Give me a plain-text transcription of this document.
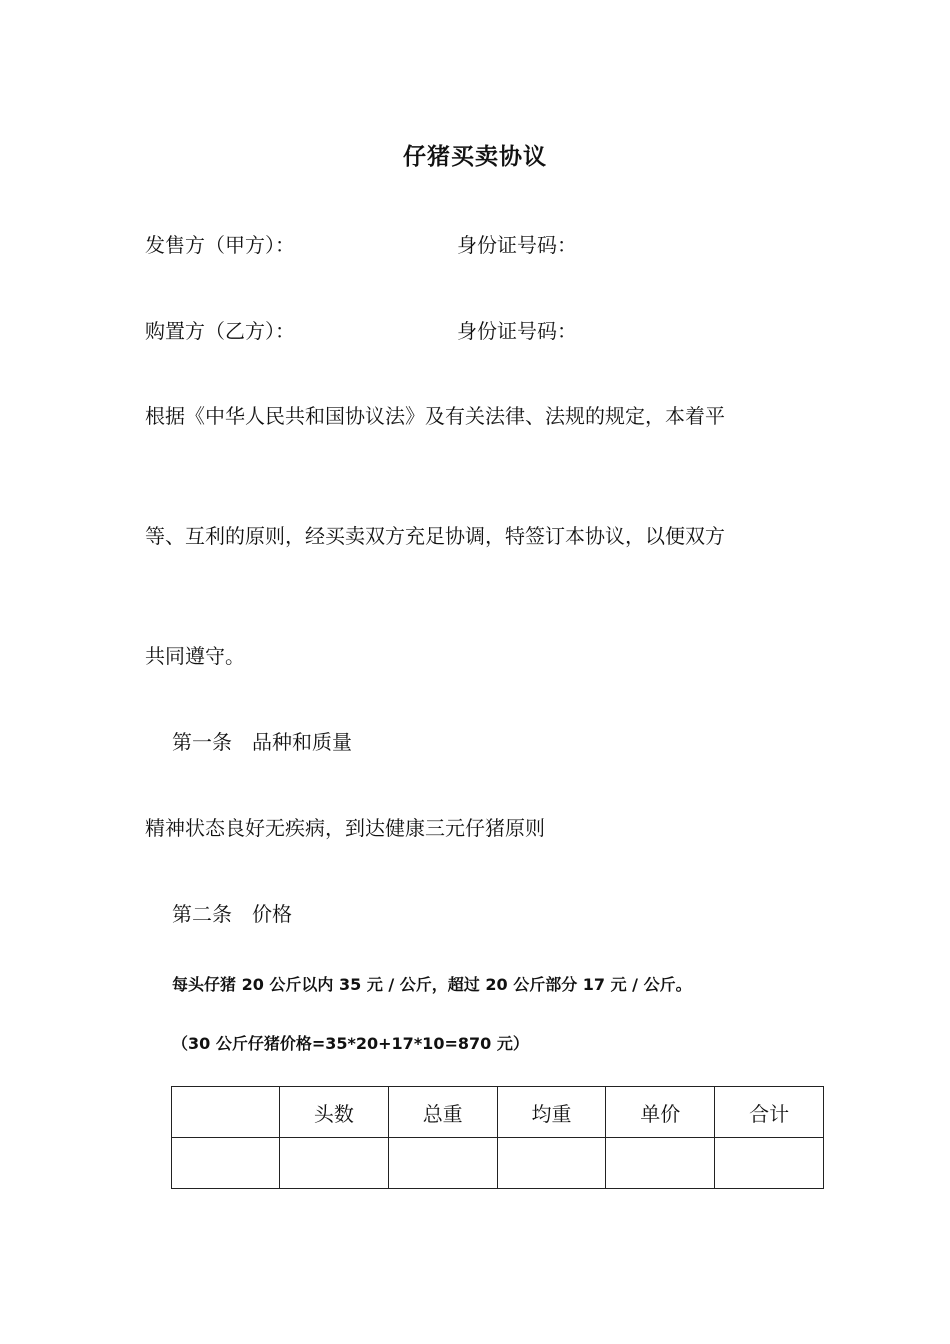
仔猪买卖协议
发售方（甲方）：	身份证号码：
购置方（乙方）：	身份证号码：
根据《中华人民共和国协议法》及有关法律、法规的规定，本着平
等、互利的原则，经买卖双方充足协调，特签订本协议，以便双方
共同遵守。
第一条　品种和质量
精神状态良好无疾病，到达健康三元仔猪原则
第二条　价格
每头仔猪 20 公斤以内 35 元 / 公斤，超过 20 公斤部分 17 元 / 公斤。
（30 公斤仔猪价格=35*20+17*10=870 元）
	头数	总重	均重	单价	合计
